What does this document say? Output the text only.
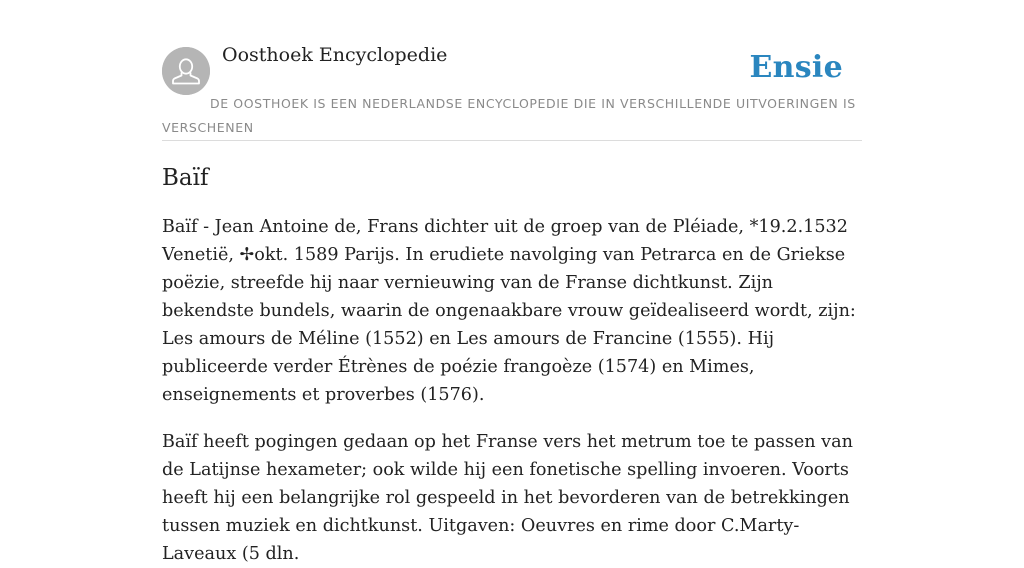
Oosthoek Encyclopedie	Ensie
DE OOSTHOEK IS EEN NEDERLANDSE ENCYCLOPEDIE DIE IN VERSCHILLENDE UITVOERINGEN IS VERSCHENEN
Baïf

Baïf - Jean Antoine de, Frans dichter uit de groep van de Pléiade, *19.2.1532 Venetië, ✢okt. 1589 Parijs. In erudiete navolging van Petrarca en de Griekse poëzie, streefde hij naar vernieuwing van de Franse dichtkunst. Zijn bekendste bundels, waarin de ongenaakbare vrouw geïdealiseerd wordt, zijn: Les amours de Méline (1552) en Les amours de Francine (1555). Hij publiceerde verder Étrènes de poézie frangoèze (1574) en Mimes, enseignements et proverbes (1576).

Baïf heeft pogingen gedaan op het Franse vers het metrum toe te passen van de Latijnse hexameter; ook wilde hij een fonetische spelling invoeren. Voorts heeft hij een belangrijke rol gespeeld in het bevorderen van de betrekkingen tussen muziek en dichtkunst. Uitgaven: Oeuvres en rime door C.Marty-Laveaux (5 dln.
